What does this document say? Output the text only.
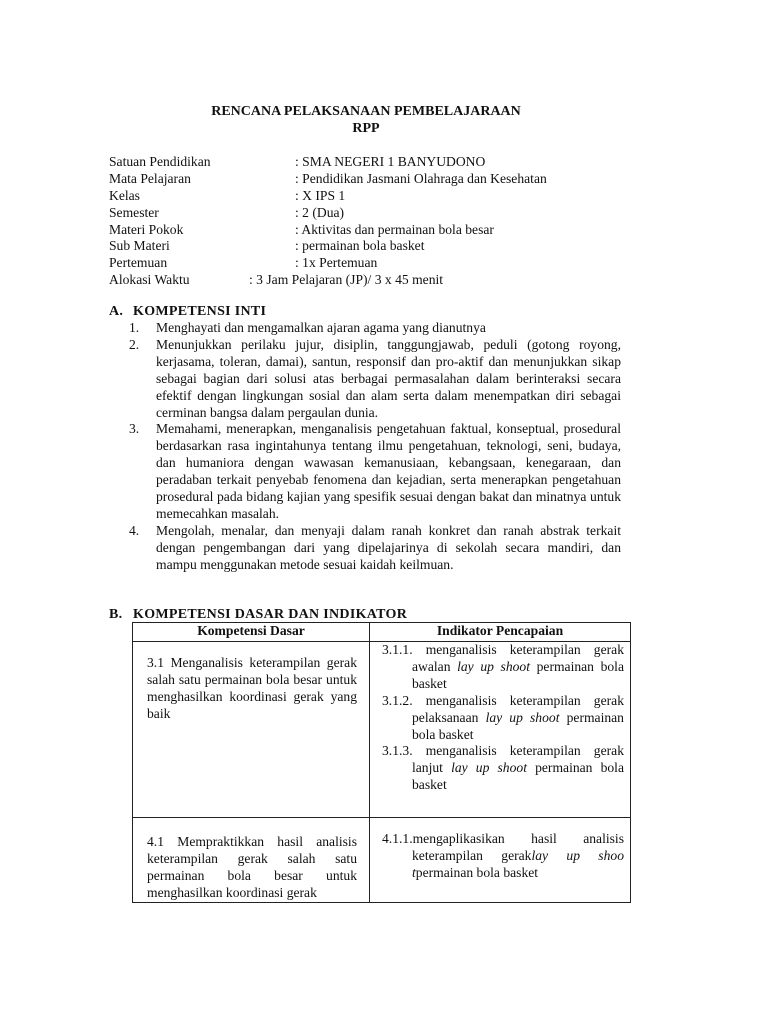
RENCANA PELAKSANAAN PEMBELAJARAAN
RPP
Satuan Pendidikan	: SMA NEGERI 1 BANYUDONO
Mata Pelajaran	: Pendidikan Jasmani Olahraga dan Kesehatan
Kelas	: X IPS 1
Semester	: 2 (Dua)
Materi Pokok	: Aktivitas dan permainan bola besar
Sub Materi	: permainan bola basket
Pertemuan	: 1x Pertemuan
Alokasi Waktu	: 3 Jam Pelajaran (JP)/ 3 x 45 menit
A. KOMPETENSI INTI

1. Menghayati dan mengamalkan ajaran agama yang dianutnya

2. Menunjukkan perilaku jujur, disiplin, tanggungjawab, peduli (gotong royong, kerjasama, toleran, damai), santun, responsif dan pro-aktif dan menunjukkan sikap sebagai bagian dari solusi atas berbagai permasalahan dalam berinteraksi secara efektif dengan lingkungan sosial dan alam serta dalam menempatkan diri sebagai cerminan bangsa dalam pergaulan dunia.

3. Memahami, menerapkan, menganalisis pengetahuan faktual, konseptual, prosedural berdasarkan rasa ingintahunya tentang ilmu pengetahuan, teknologi, seni, budaya, dan humaniora dengan wawasan kemanusiaan, kebangsaan, kenegaraan, dan peradaban terkait penyebab fenomena dan kejadian, serta menerapkan pengetahuan prosedural pada bidang kajian yang spesifik sesuai dengan bakat dan minatnya untuk memecahkan masalah.

4. Mengolah, menalar, dan menyaji dalam ranah konkret dan ranah abstrak terkait dengan pengembangan dari yang dipelajarinya di sekolah secara mandiri, dan mampu menggunakan metode sesuai kaidah keilmuan.

B. KOMPETENSI DASAR DAN INDIKATOR
Kompetensi Dasar	Indikator Pencapaian

3.1 Menganalisis keterampilan gerak salah satu permainan bola besar untuk menghasilkan koordinasi gerak yang baik	3.1.1. menganalisis keterampilan gerak awalan lay up shoot permainan bola basket

3.1.2. menganalisis keterampilan gerak pelaksanaan lay up shoot permainan bola basket

3.1.3. menganalisis keterampilan gerak lanjut lay up shoot permainan bola basket

4.1 Mempraktikkan hasil analisis keterampilan gerak salah satu permainan bola besar untuk menghasilkan koordinasi gerak	4.1.1.mengaplikasikan hasil analisis keterampilan geraklay up shoo tpermainan bola basket
